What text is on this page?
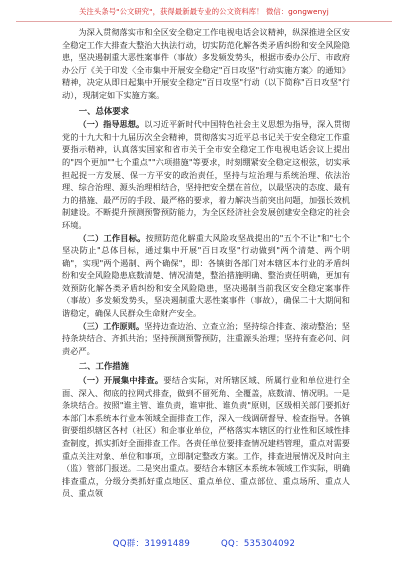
关注头条号"公文研究"，获得最新最专业的公文资料库！ 微信：gongwenyj

为深入贯彻落实市和全区安全稳定工作电视电话会议精神，纵深推进全区安全稳定工作大排查大整治大执法行动，切实防范化解各类矛盾纠纷和安全风险隐患，坚决遏制重大恶性案事件（事故）多发频发势头，根据市委办公厅、市政府办公厅《关于印发〈全市集中开展安全稳定"百日攻坚"行动实施方案〉的通知》精神，决定从即日起集中开展安全稳定"百日攻坚"行动（以下简称"百日攻坚"行动），现制定如下实施方案。

一、总体要求

（一）指导思想。以习近平新时代中国特色社会主义思想为指导，深入贯彻党的十九大和十九届历次全会精神，贯彻落实习近平总书记关于安全稳定工作重要指示精神，认真落实国家和省市关于全市安全稳定工作电视电话会议上提出的"四个更加""七个重点""六项措施"等要求，时刻绷紧安全稳定这根弦，切实承担起捉一方发展、保一方平安的政治责任，坚持与垃治理与系统治理、依法治理、综合治理、源头治理相结合，坚持把安全摆在首位，以最坚决的态度、最有力的措施、最严厉的手段、最严格的要求，着力解决当前突出问题，加强长效机制建设。不断提升预测预警预防能力，为全区经济社会发展创建安全稳定的社会环境。

（二）工作目标。按照防范化解重大风险攻坚战提出的"五个不让"和"七个坚决防止"总体目标，通过集中开展"百日攻坚"行动做到"两个清楚、两个明确"，实现"两个遏制、两个确保"，即：各镇街各部门对本辖区本行业的矛盾纠纷和安全风险隐患底数清楚、情况清楚，整治措施明确、整治责任明确，更加有效预防化解各类矛盾纠纷和安全风险隐患，坚决遏制当前我区安全稳定案事件（事故）多发频发势头，坚决遏制重大恶性案事件（事故），确保二十大期间和谐稳定，确保人民群众生命财产安全。

（三）工作原则。坚持边查边治、立查立治；坚持综合排查、滚动整治；坚持条块结合、齐抓共治；坚持预测预警预防，注重源头治理；坚持有查必问、问责必严。

二、工作措施

（一）开展集中排查。要结合实际，对所辖区域、所属行业和单位进行全面、深入、彻底的拉网式排查，做到不留死角、全覆盖，底数清、情况明。一是条块结合。按照"谁主管、谁负责，谁审批、谁负责"原则，区级相关部门要抓好本部门本系统本行业本领域全面排查工作，深入一线调研督导、检查指导。各镇街要组织辖区各村（社区）和企事业单位，严格落实本辖区的行业性和区域性排查制度，抓实抓好全面排查工作。各责任单位要排查情况建档管理，重点对需要重点关注对象、单位和事项，立即制定整改方案。工作，排查进展情况及时向主（监）管部门报送。二是突出重点。要结合本辖区本系统本领域工作实际，明确排查重点，分级分类抓好重点地区、重点单位、重点部位、重点场所、重点人员、重点领

QQ群：31991489	QQ：535304092
